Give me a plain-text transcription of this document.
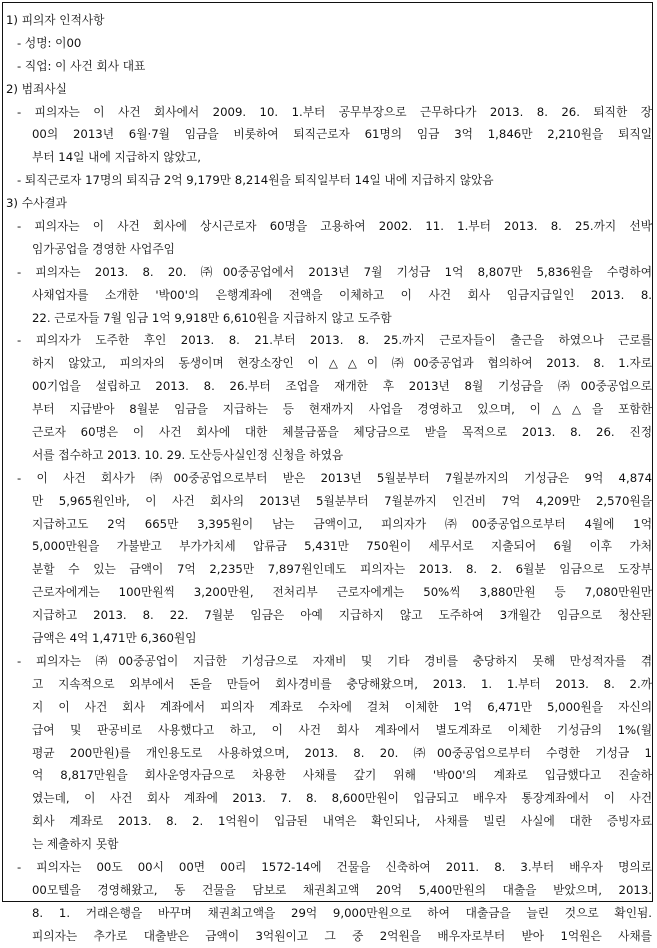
1) 피의자 인적사항
- 성명: 이00
- 직업: 이 사건 회사 대표
2) 범죄사실
- 피의자는 이 사건 회사에서 2009. 10. 1.부터 공무부장으로 근무하다가 2013. 8. 26. 퇴직한 장
00의 2013년 6월·7월 임금을 비롯하여 퇴직근로자 61명의 임금 3억 1,846만 2,210원을 퇴직일
부터 14일 내에 지급하지 않았고,
- 퇴직근로자 17명의 퇴직금 2억 9,179만 8,214원을 퇴직일부터 14일 내에 지급하지 않았음
3) 수사결과
- 피의자는 이 사건 회사에 상시근로자 60명을 고용하여 2002. 11. 1.부터 2013. 8. 25.까지 선박
임가공업을 경영한 사업주임
- 피의자는 2013. 8. 20. ㈜00중공업에서 2013년 7월 기성금 1억 8,807만 5,836원을 수령하여
사채업자를 소개한 '박00'의 은행계좌에 전액을 이체하고 이 사건 회사 임금지급일인 2013. 8.
22. 근로자들 7월 임금 1억 9,918만 6,610원을 지급하지 않고 도주함
- 피의자가 도주한 후인 2013. 8. 21.부터 2013. 8. 25.까지 근로자들이 출근을 하였으나 근로를
하지 않았고, 피의자의 동생이며 현장소장인 이△△이 ㈜00중공업과 협의하여 2013. 8. 1.자로
00기업을 설립하고 2013. 8. 26.부터 조업을 재개한 후 2013년 8월 기성금을 ㈜00중공업으로
부터 지급받아 8월분 임금을 지급하는 등 현재까지 사업을 경영하고 있으며, 이△△을 포함한
근로자 60명은 이 사건 회사에 대한 체불금품을 체당금으로 받을 목적으로 2013. 8. 26. 진정
서를 접수하고 2013. 10. 29. 도산등사실인정 신청을 하였음
- 이 사건 회사가 ㈜00중공업으로부터 받은 2013년 5월분부터 7월분까지의 기성금은 9억 4,874
만 5,965원인바, 이 사건 회사의 2013년 5월분부터 7월분까지 인건비 7억 4,209만 2,570원을
지급하고도 2억 665만 3,395원이 남는 금액이고, 피의자가 ㈜00중공업으로부터 4월에 1억
5,000만원을 가불받고 부가가치세 압류금 5,431만 750원이 세무서로 지출되어 6월 이후 가처
분할 수 있는 금액이 7억 2,235만 7,897원인데도 피의자는 2013. 8. 2. 6월분 임금으로 도장부
근로자에게는 100만원씩 3,200만원, 전처리부 근로자에게는 50%씩 3,880만원 등 7,080만원만
지급하고 2013. 8. 22. 7월분 임금은 아예 지급하지 않고 도주하여 3개월간 임금으로 청산된
금액은 4억 1,471만 6,360원임
- 피의자는 ㈜00중공업이 지급한 기성금으로 자재비 및 기타 경비를 충당하지 못해 만성적자를 겪
고 지속적으로 외부에서 돈을 만들어 회사경비를 충당해왔으며, 2013. 1. 1.부터 2013. 8. 2.까
지 이 사건 회사 계좌에서 피의자 계좌로 수차에 걸쳐 이체한 1억 6,471만 5,000원을 자신의
급여 및 판공비로 사용했다고 하고, 이 사건 회사 계좌에서 별도계좌로 이체한 기성금의 1%(월
평균 200만원)를 개인용도로 사용하였으며, 2013. 8. 20. ㈜00중공업으로부터 수령한 기성금 1
억 8,817만원을 회사운영자금으로 차용한 사채를 갚기 위해 '박00'의 계좌로 입금했다고 진술하
였는데, 이 사건 회사 계좌에 2013. 7. 8. 8,600만원이 입금되고 배우자 통장계좌에서 이 사건
회사 계좌로 2013. 8. 2. 1억원이 입금된 내역은 확인되나, 사채를 빌린 사실에 대한 증빙자료
는 제출하지 못함
- 피의자는 00도 00시 00면 00리 1572-14에 건물을 신축하여 2011. 8. 3.부터 배우자 명의로
00모텔을 경영해왔고, 동 건물을 담보로 채권최고액 20억 5,400만원의 대출을 받았으며, 2013.
8. 1. 거래은행을 바꾸며 채권최고액을 29억 9,000만원으로 하여 대출금을 늘린 것으로 확인됨.
피의자는 추가로 대출받은 금액이 3억원이고 그 중 2억원을 배우자로부터 받아 1억원은 사채를
